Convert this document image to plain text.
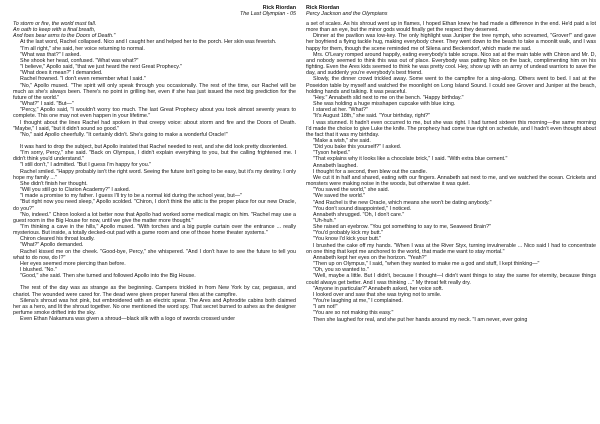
Rick Riordan
The Last Olympian - 05

To storm or fire, the world must fall.

An oath to keep with a final breath,

And foes bear arms to the Doors of Death."

At the last word, Rachel collapsed. Nico and I caught her and helped her to the porch. Her skin was feverish.

"I'm all right," she said, her voice returning to normal.

"What was that?" I asked.

She shook her head, confused. "What was what?"

"I believe," Apollo said, "that we just heard the next Great Prophecy."

"What does it mean?" I demanded.

Rachel frowned. "I don't even remember what I said."

"No," Apollo mused. "The spirit will only speak through you occasionally. The rest of the time, our Rachel will be much as she's always been. There's no point in grilling her, even if she has just issued the next big prediction for the future of the world."

"What?" I said. "But—"

"Percy," Apollo said, "I wouldn't worry too much. The last Great Prophecy about you took almost seventy years to complete. This one may not even happen in your lifetime."

I thought about the lines Rachel had spoken in that creepy voice: about storm and fire and the Doors of Death. "Maybe," I said, "but it didn't sound so good."

"No," said Apollo cheerfully. "It certainly didn't. She's going to make a wonderful Oracle!"

It was hard to drop the subject, but Apollo insisted that Rachel needed to rest, and she did look pretty disoriented.

"I'm sorry, Percy," she said. "Back on Olympus, I didn't explain everything to you, but the calling frightened me. I didn't think you'd understand."

"I still don't," I admitted. "But I guess I'm happy for you."

Rachel smiled. "Happy probably isn't the right word. Seeing the future isn't going to be easy, but it's my destiny. I only hope my family ..."

She didn't finish her thought.

"Will you still go to Clarion Academy?" I asked.

"I made a promise to my father. I guess I'll try to be a normal kid during the school year, but—"

"But right now you need sleep," Apollo scolded. "Chiron, I don't think the attic is the proper place for our new Oracle, do you?"

"No, indeed." Chiron looked a lot better now that Apollo had worked some medical magic on him. "Rachel may use a guest room in the Big House for now, until we give the matter more thought."

"I'm thinking a cave in the hills," Apollo mused. "With torches and a big purple curtain over the entrance ... really mysterious. But inside, a totally decked-out pad with a game room and one of those home theater systems."

Chiron cleared his throat loudly.

"What?" Apollo demanded.

Rachel kissed me on the cheek. "Good-bye, Percy," she whispered. "And I don't have to see the future to tell you what to do now, do I?"

Her eyes seemed more piercing than before.

I blushed. "No."

"Good," she said. Then she turned and followed Apollo into the Big House.

The rest of the day was as strange as the beginning. Campers trickled in from New York by car, pegasus, and chariot. The wounded were cared for. The dead were given proper funeral rites at the campfire.

Silena's shroud was hot pink, but embroidered with an electric spear. The Ares and Aphrodite cabins both claimed her as a hero, and lit the shroud together. No one mentioned the word spy. That secret burned to ashes as the designer perfume smoke drifted into the sky.

Even Ethan Nakamura was given a shroud—black silk with a logo of swords crossed under

Rick Riordan
Percy Jackson and the Olympians

a set of scales. As his shroud went up in flames, I hoped Ethan knew he had made a difference in the end. He'd paid a lot more than an eye, but the minor gods would finally get the respect they deserved.

Dinner at the pavilion was low-key. The only highlight was Juniper the tree nymph, who screamed, "Grover!" and gave her boyfriend a flying tackle hug, making everybody cheer. They went down to the beach to take a moonlit walk, and I was happy for them, though the scene reminded me of Silena and Beckendorf, which made me sad.

Mrs. O'Leary romped around happily, eating everybody's table scraps. Nico sat at the main table with Chiron and Mr. D, and nobody seemed to think this was out of place. Everybody was patting Nico on the back, complimenting him on his fighting. Even the Ares kids seemed to think he was pretty cool. Hey, show up with an army of undead warriors to save the day, and suddenly you're everybody's best friend.

Slowly, the dinner crowd trickled away. Some went to the campfire for a sing-along. Others went to bed. I sat at the Poseidon table by myself and watched the moonlight on Long Island Sound. I could see Grover and Juniper at the beach, holding hands and talking. It was peaceful.

"Hey." Annabeth slid next to me on the bench. "Happy birthday."

She was holding a huge misshapen cupcake with blue icing.

I stared at her. "What?"

"It's August 18th," she said. "Your birthday, right?"

I was stunned. It hadn't even occurred to me, but she was right. I had turned sixteen this morning—the same morning I'd made the choice to give Luke the knife. The prophecy had come true right on schedule, and I hadn't even thought about the fact that it was my birthday.

"Make a wish," she said.

"Did you bake this yourself?" I asked.

"Tyson helped."

"That explains why it looks like a chocolate brick," I said. "With extra blue cement."

Annabeth laughed.

I thought for a second, then blew out the candle.

We cut it in half and shared, eating with our fingers. Annabeth sat next to me, and we watched the ocean. Crickets and monsters were making noise in the woods, but otherwise it was quiet.

"You saved the world," she said.

"We saved the world."

"And Rachel is the new Oracle, which means she won't be dating anybody."

"You don't sound disappointed," I noticed.

Annabeth shrugged. "Oh, I don't care."

"Uh-huh."

She raised an eyebrow. "You got something to say to me, Seaweed Brain?"

"You'd probably kick my butt."

"You know I'd kick your butt."

I brushed the cake off my hands. "When I was at the River Styx, turning invulnerable ... Nico said I had to concentrate on one thing that kept me anchored to the world, that made me want to stay mortal."

Annabeth kept her eyes on the horizon. "Yeah?"

"Then up on Olympus," I said, "when they wanted to make me a god and stuff, I kept thinking—"

"Oh, you so wanted to."

"Well, maybe a little. But I didn't, because I thought—I didn't want things to stay the same for eternity, because things could always get better. And I was thinking ..." My throat felt really dry.

"Anyone in particular?" Annabeth asked, her voice soft.

I looked over and saw that she was trying not to smile.

"You're laughing at me," I complained.

"I am not!"

"You are so not making this easy."

Then she laughed for real, and she put her hands around my neck. "I am never, ever going
